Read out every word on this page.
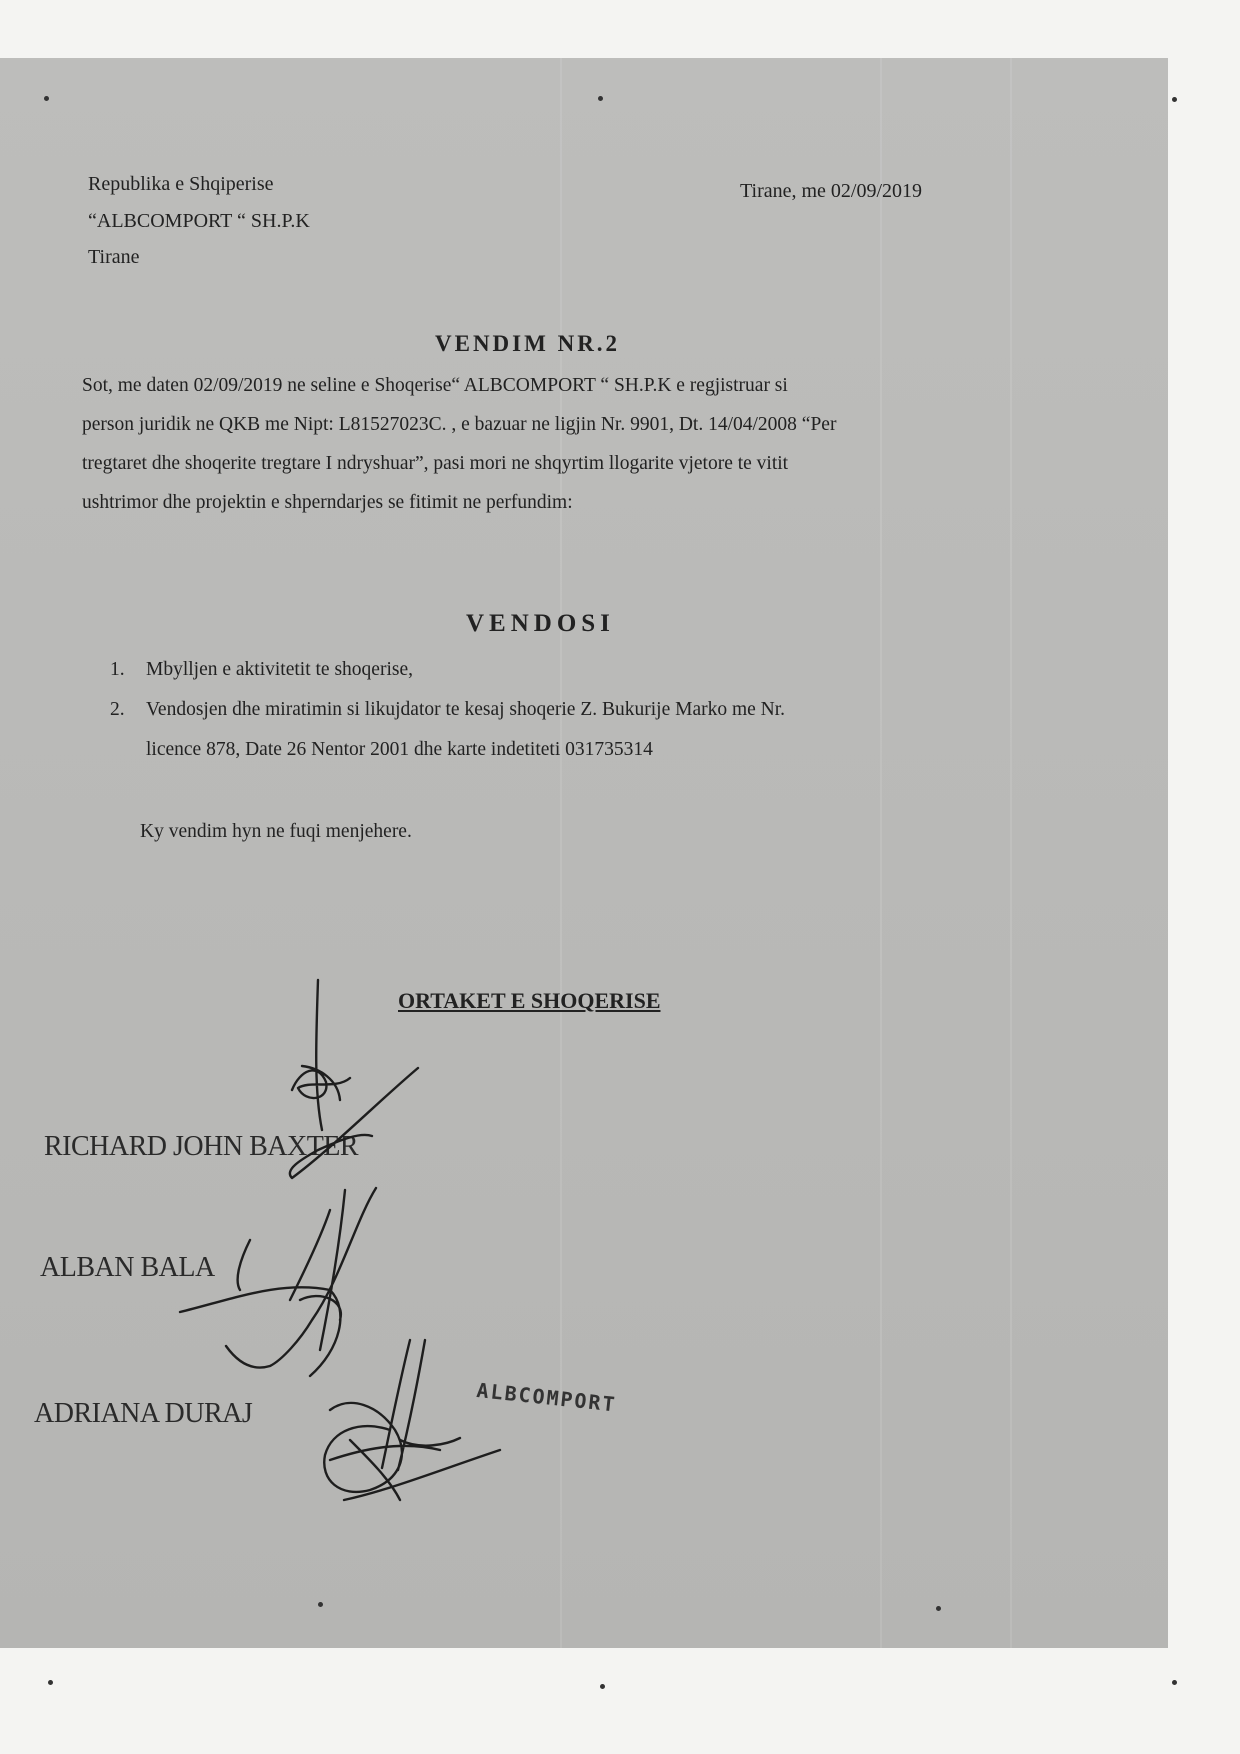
Republika e Shqiperise
“ALBCOMPORT “ SH.P.K
Tirane
Tirane, me 02/09/2019
VENDIM NR.2
Sot, me daten 02/09/2019 ne seline e Shoqerise“ ALBCOMPORT “ SH.P.K e regjistruar si
person juridik ne QKB me Nipt: L81527023C. , e bazuar ne ligjin Nr. 9901, Dt. 14/04/2008 “Per
tregtaret dhe shoqerite tregtare I ndryshuar”, pasi mori ne shqyrtim llogarite vjetore te vitit
ushtrimor dhe projektin e shperndarjes se fitimit ne perfundim:
VENDOSI
1. Mbylljen e aktivitetit te shoqerise,
2. Vendosjen dhe miratimin si likujdator te kesaj shoqerie Z. Bukurije Marko me Nr.
licence 878, Date 26 Nentor 2001 dhe karte indetiteti 031735314
Ky vendim hyn ne fuqi menjehere.
ORTAKET E SHOQERISE
RICHARD JOHN BAXTER
ALBAN BALA
ADRIANA DURAJ	ALBCOMPORT
